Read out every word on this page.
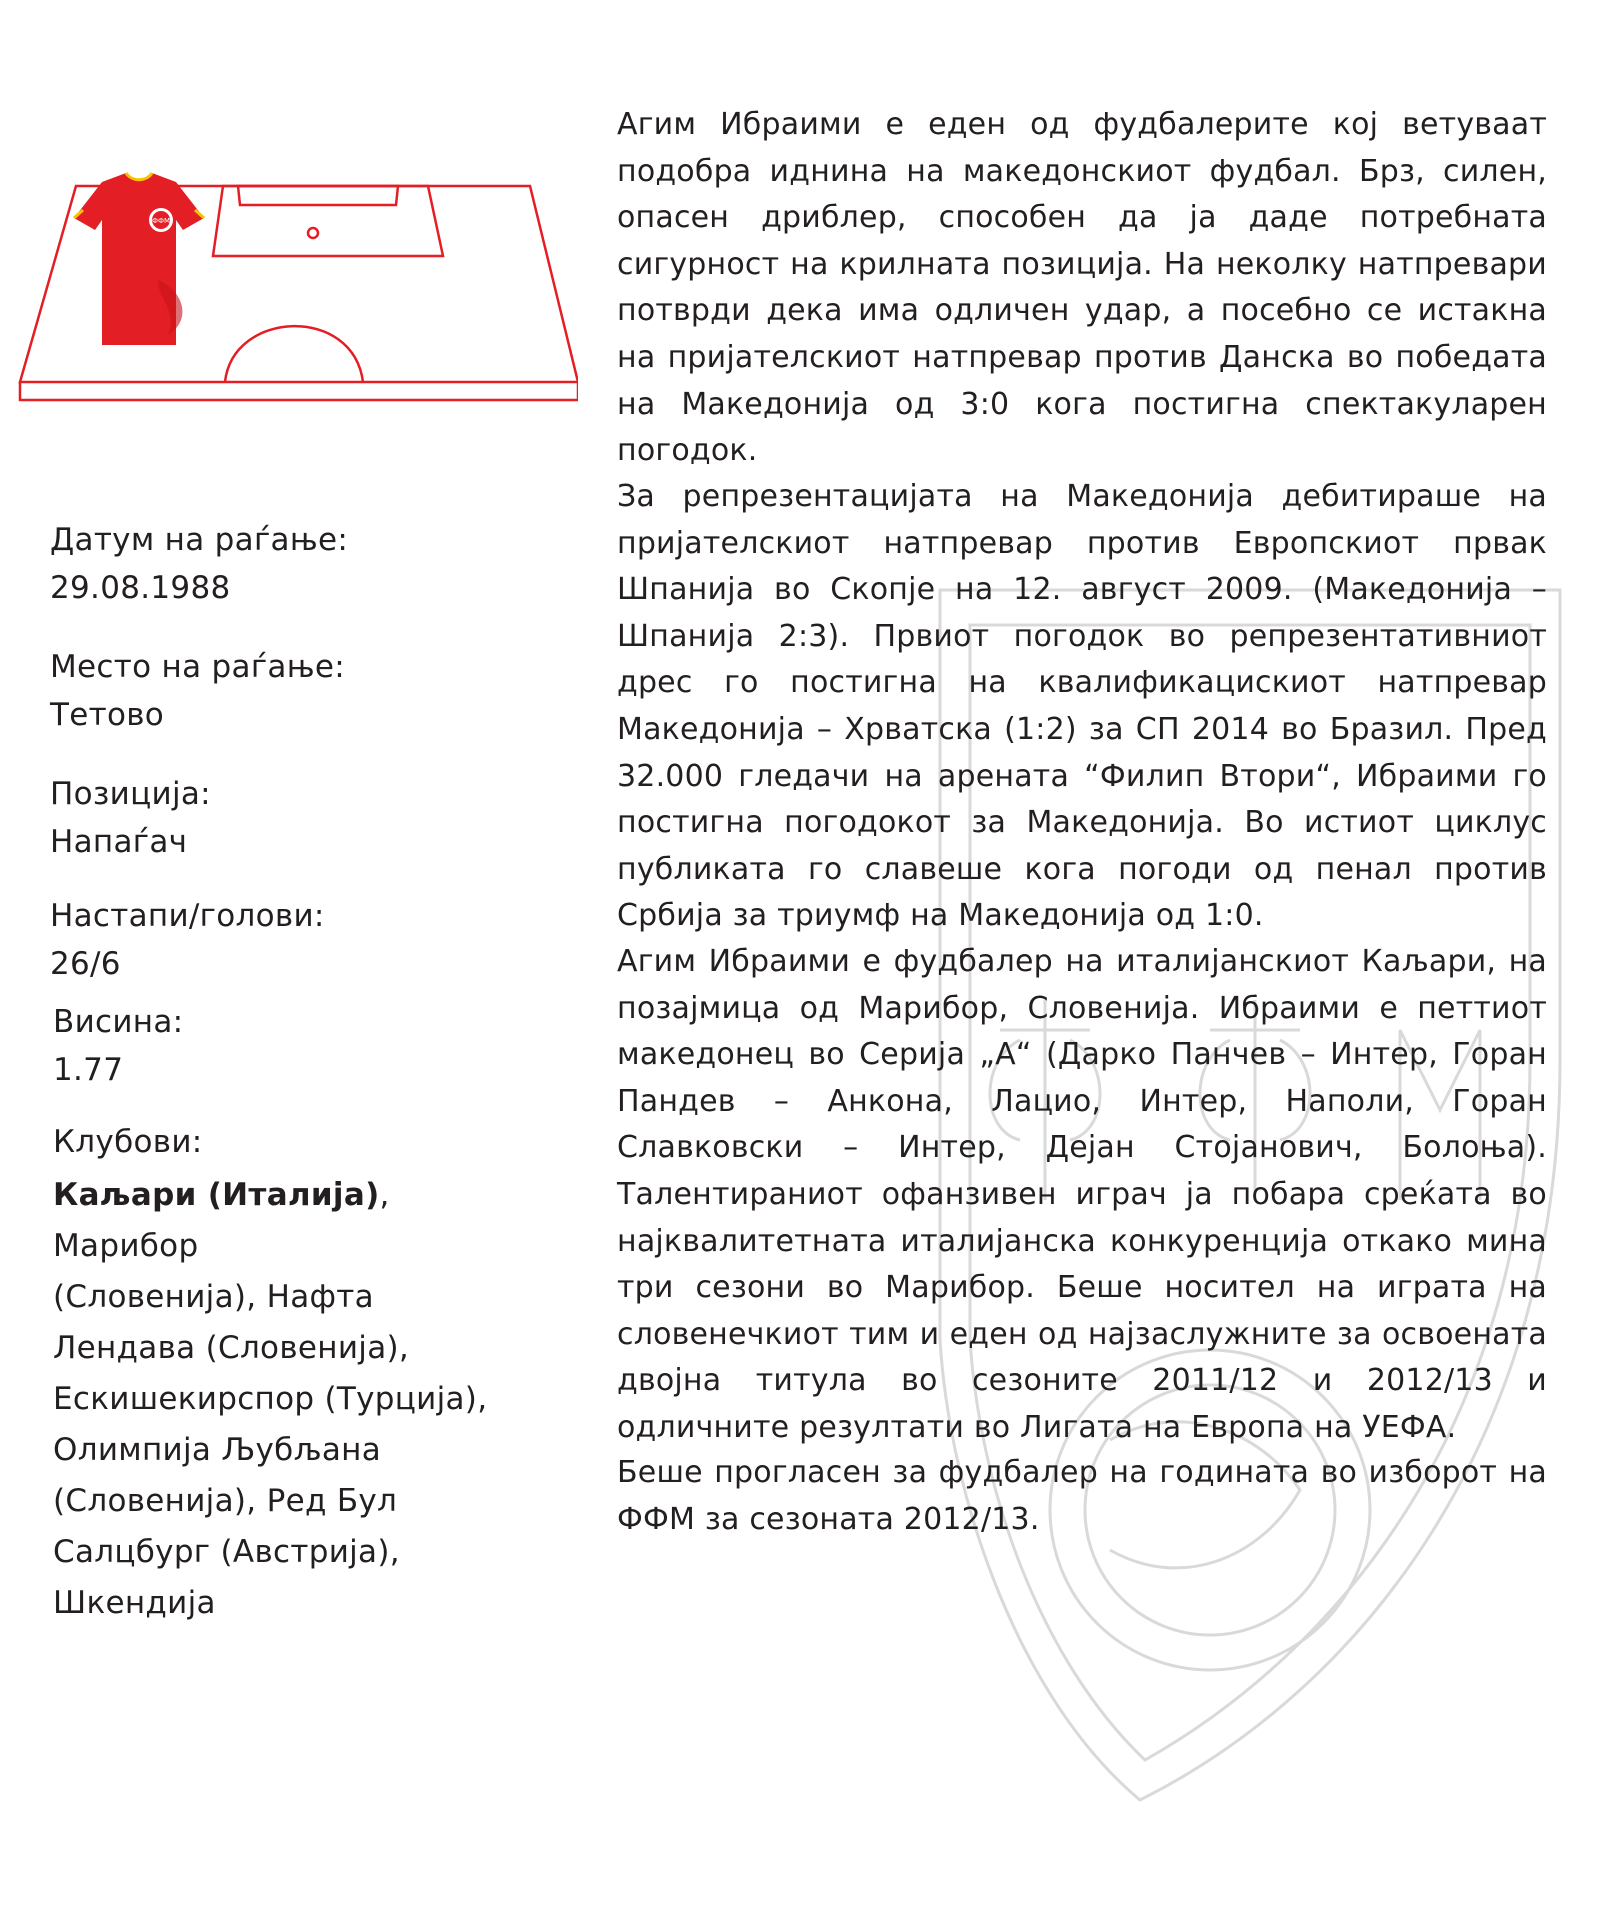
ФФМ
Датум на раѓање:
29.08.1988
Место на раѓање:
Тетово
Позиција:
Напаѓач
Настапи/голови:
26/6
Висина:
1.77
Клубови:
Каљари (Италија), Марибор
(Словенија), Нафта
Лендава (Словенија),
Ескишекирспор (Турција),
Олимпија Љубљана
(Словенија), Ред Бул
Салцбург (Австрија),
Шкендија

Агим Ибраими е еден од фудбалерите кој ветуваат подобра иднина на македонскиот фудбал. Брз, силен, опасен дриблер, способен да ја даде потребната сигурност на крилната позиција. На неколку натпревари потврди дека има одличен удар, а посебно се истакна на пријателскиот натпревар против Данска во победата на Македонија од 3:0 кога постигна спектакуларен погодок.

За репрезентацијата на Македонија дебитираше на пријателскиот натпревар против Европскиот првак Шпанија во Скопје на 12. август 2009. (Македонија – Шпанија 2:3). Првиот погодок во репрезентативниот дрес го постигна на квалификацискиот натпревар Македонија – Хрватска (1:2) за СП 2014 во Бразил. Пред 32.000 гледачи на арената “Филип Втори“, Ибраими го постигна погодокот за Македонија. Во истиот циклус публиката го славеше кога погоди од пенал против Србија за триумф на Македонија од 1:0.

Агим Ибраими е фудбалер на италијанскиот Каљари, на позајмица од Марибор, Словенија. Ибраими е петтиот македонец во Серија „А“ (Дарко Панчев – Интер, Горан Пандев – Анкона, Лацио, Интер, Наполи, Горан Славковски – Интер, Дејан Стојанович, Болоња). Талентираниот офанзивен играч ја побара среќата во најквалитетната италијанска конкуренција откако мина три сезони во Марибор. Беше носител на играта на словенечкиот тим и еден од најзаслужните за освоената двојна титула во сезоните 2011/12 и 2012/13 и одличните резултати во Лигата на Европа на УЕФА.

Беше прогласен за фудбалер на годината во изборот на ФФМ за сезоната 2012/13.
